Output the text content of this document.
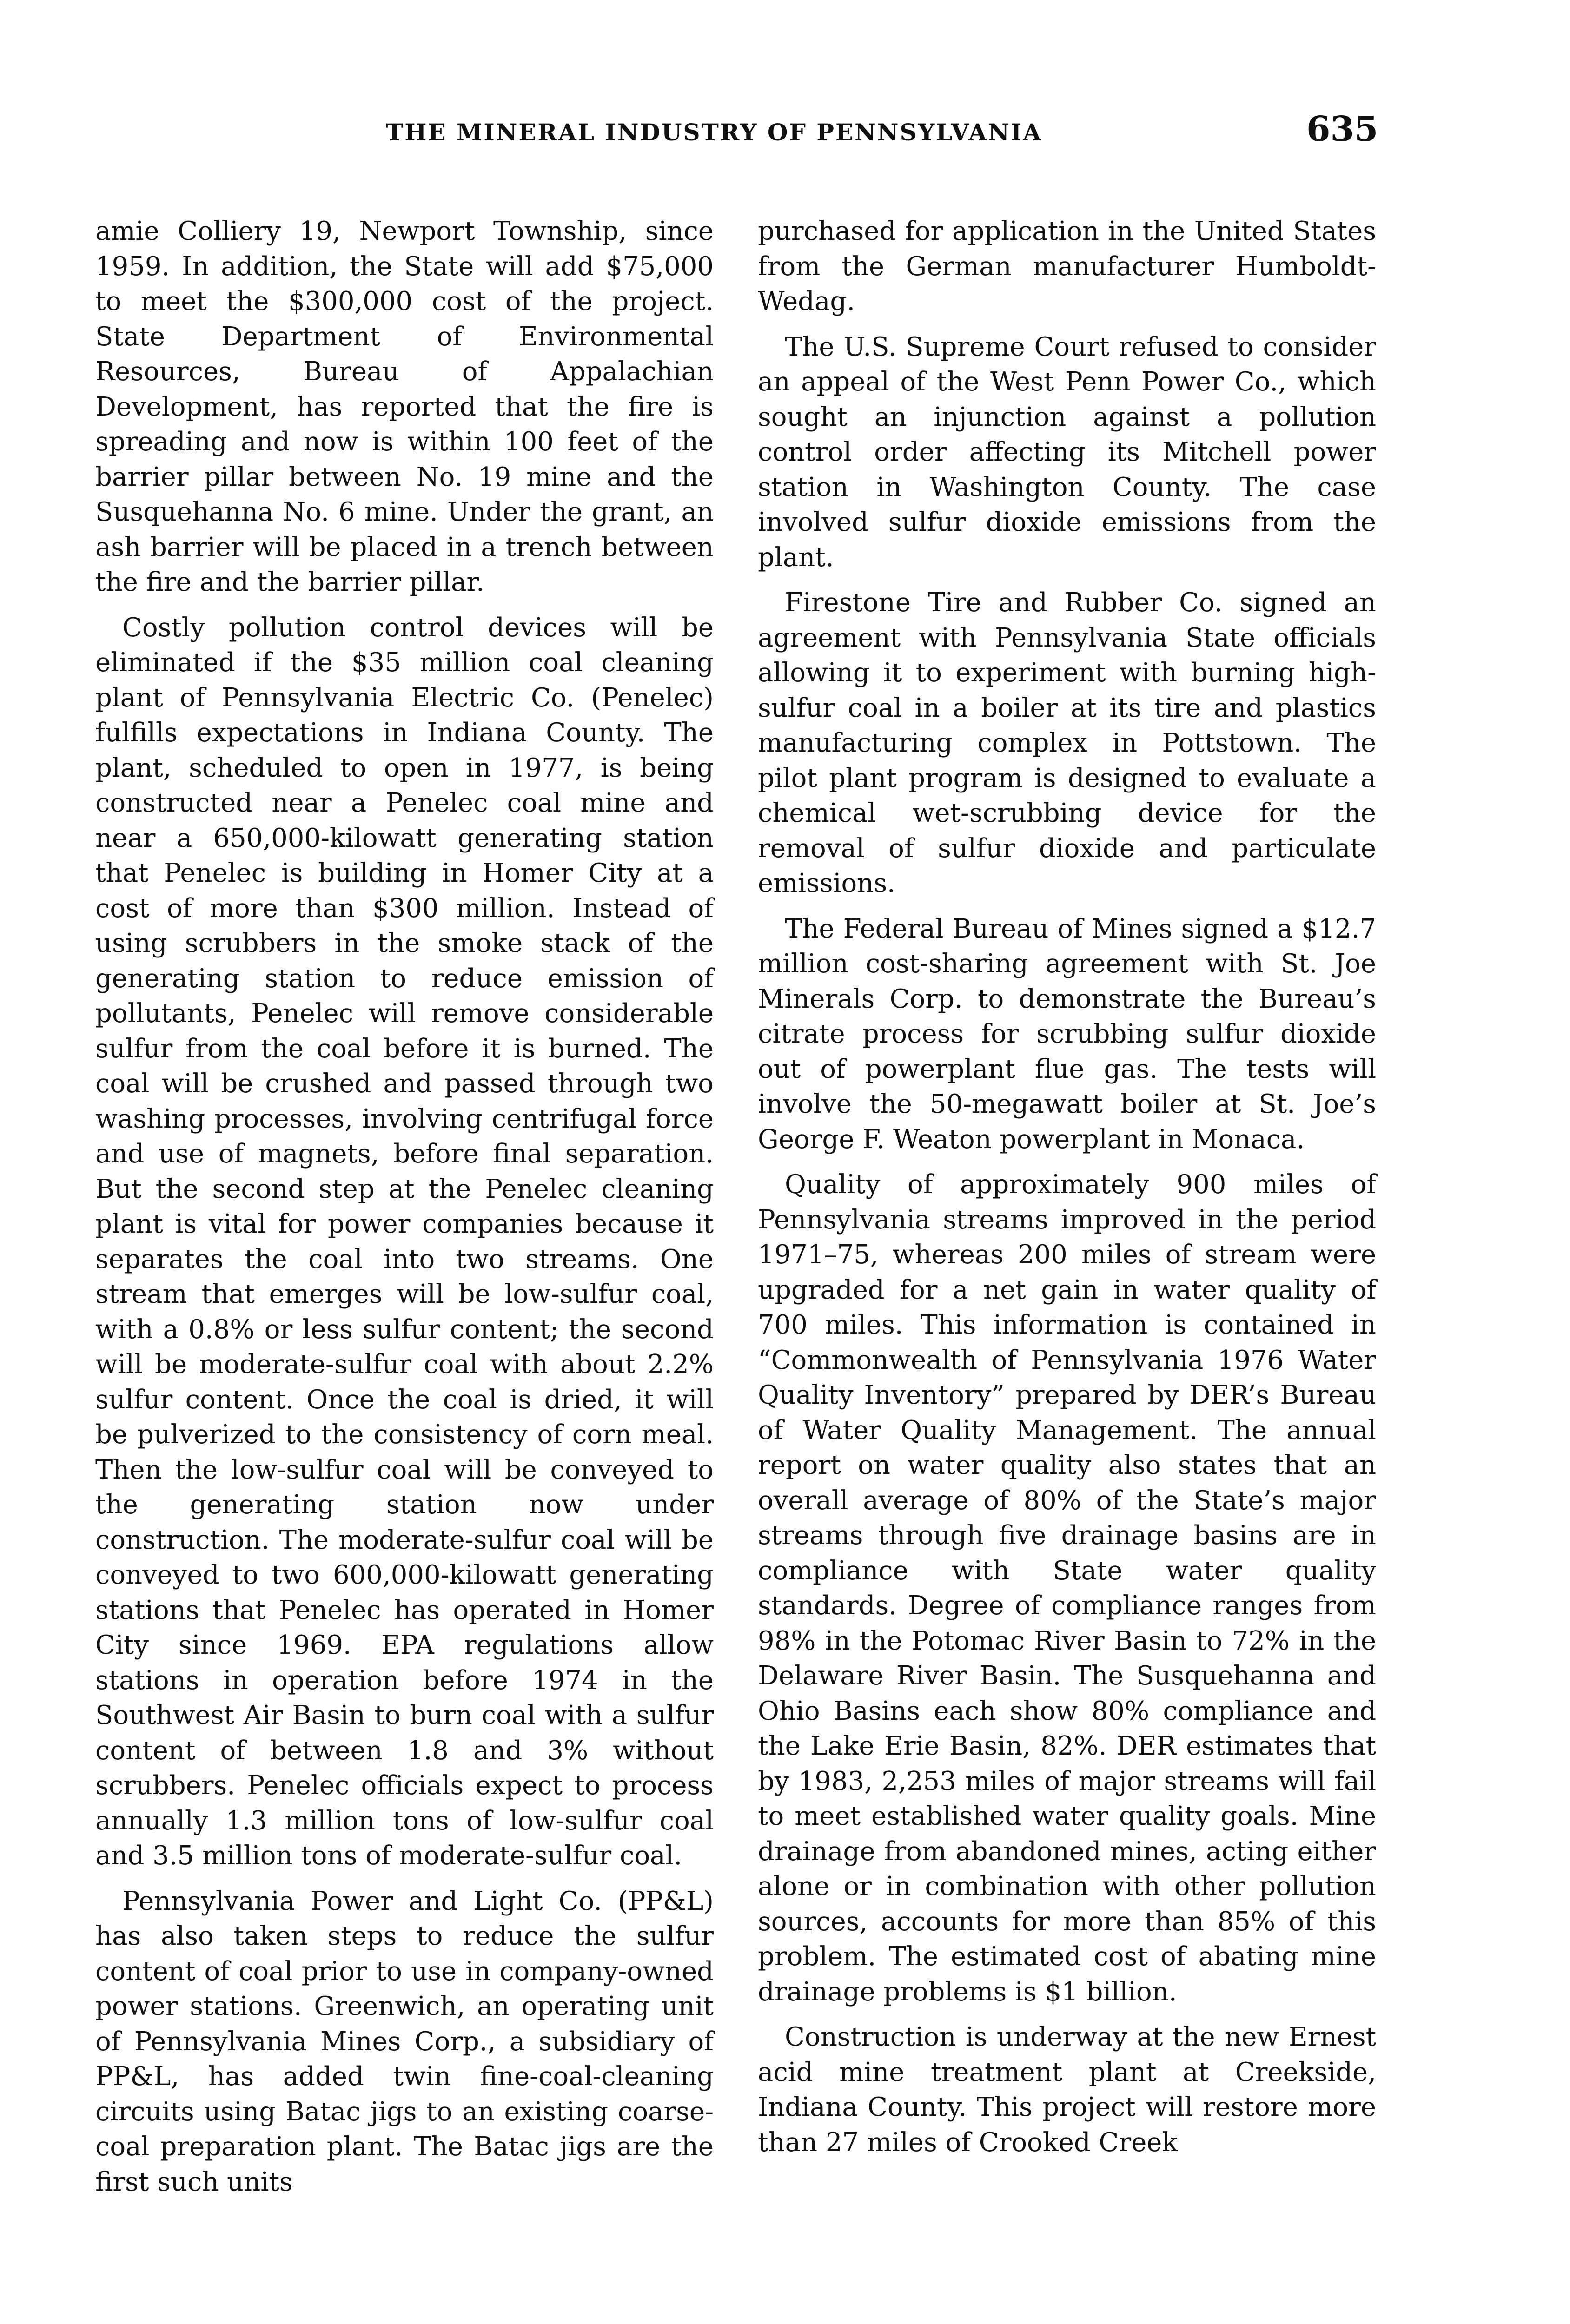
THE MINERAL INDUSTRY OF PENNSYLVANIA	635

amie Colliery 19, Newport Township, since 1959. In addition, the State will add $75,000 to meet the $300,000 cost of the project. State Department of Environmental Resources, Bureau of Appalachian Development, has reported that the fire is spreading and now is within 100 feet of the barrier pillar between No. 19 mine and the Susquehanna No. 6 mine. Under the grant, an ash barrier will be placed in a trench between the fire and the barrier pillar.

Costly pollution control devices will be eliminated if the $35 million coal cleaning plant of Pennsylvania Electric Co. (Penelec) fulfills expectations in Indiana County. The plant, scheduled to open in 1977, is being constructed near a Penelec coal mine and near a 650,000-kilowatt generating station that Penelec is building in Homer City at a cost of more than $300 million. Instead of using scrubbers in the smoke stack of the generating station to reduce emission of pollutants, Penelec will remove considerable sulfur from the coal before it is burned. The coal will be crushed and passed through two washing processes, involving centrifugal force and use of magnets, before final separation. But the second step at the Penelec cleaning plant is vital for power companies because it separates the coal into two streams. One stream that emerges will be low-sulfur coal, with a 0.8% or less sulfur content; the second will be moderate-sulfur coal with about 2.2% sulfur content. Once the coal is dried, it will be pulverized to the consistency of corn meal. Then the low-sulfur coal will be conveyed to the generating station now under construction. The moderate-sulfur coal will be conveyed to two 600,000-kilowatt generating stations that Penelec has operated in Homer City since 1969. EPA regulations allow stations in operation before 1974 in the Southwest Air Basin to burn coal with a sulfur content of between 1.8 and 3% without scrubbers. Penelec officials expect to process annually 1.3 million tons of low-sulfur coal and 3.5 million tons of moderate-sulfur coal.

Pennsylvania Power and Light Co. (PP&L) has also taken steps to reduce the sulfur content of coal prior to use in company-owned power stations. Greenwich, an operating unit of Pennsylvania Mines Corp., a subsidiary of PP&L, has added twin fine-coal-cleaning circuits using Batac jigs to an existing coarse-coal preparation plant. The Batac jigs are the first such units

purchased for application in the United States from the German manufacturer Humboldt-Wedag.

The U.S. Supreme Court refused to consider an appeal of the West Penn Power Co., which sought an injunction against a pollution control order affecting its Mitchell power station in Washington County. The case involved sulfur dioxide emissions from the plant.

Firestone Tire and Rubber Co. signed an agreement with Pennsylvania State officials allowing it to experiment with burning high-sulfur coal in a boiler at its tire and plastics manufacturing complex in Pottstown. The pilot plant program is designed to evaluate a chemical wet-scrubbing device for the removal of sulfur dioxide and particulate emissions.

The Federal Bureau of Mines signed a $12.7 million cost-sharing agreement with St. Joe Minerals Corp. to demonstrate the Bureau’s citrate process for scrubbing sulfur dioxide out of powerplant flue gas. The tests will involve the 50-megawatt boiler at St. Joe’s George F. Weaton powerplant in Monaca.

Quality of approximately 900 miles of Pennsylvania streams improved in the period 1971–75, whereas 200 miles of stream were upgraded for a net gain in water quality of 700 miles. This information is contained in “Commonwealth of Pennsylvania 1976 Water Quality Inventory” prepared by DER’s Bureau of Water Quality Management. The annual report on water quality also states that an overall average of 80% of the State’s major streams through five drainage basins are in compliance with State water quality standards. Degree of compliance ranges from 98% in the Potomac River Basin to 72% in the Delaware River Basin. The Susquehanna and Ohio Basins each show 80% compliance and the Lake Erie Basin, 82%. DER estimates that by 1983, 2,253 miles of major streams will fail to meet established water quality goals. Mine drainage from abandoned mines, acting either alone or in combination with other pollution sources, accounts for more than 85% of this problem. The estimated cost of abating mine drainage problems is $1 billion.

Construction is underway at the new Ernest acid mine treatment plant at Creekside, Indiana County. This project will restore more than 27 miles of Crooked Creek
